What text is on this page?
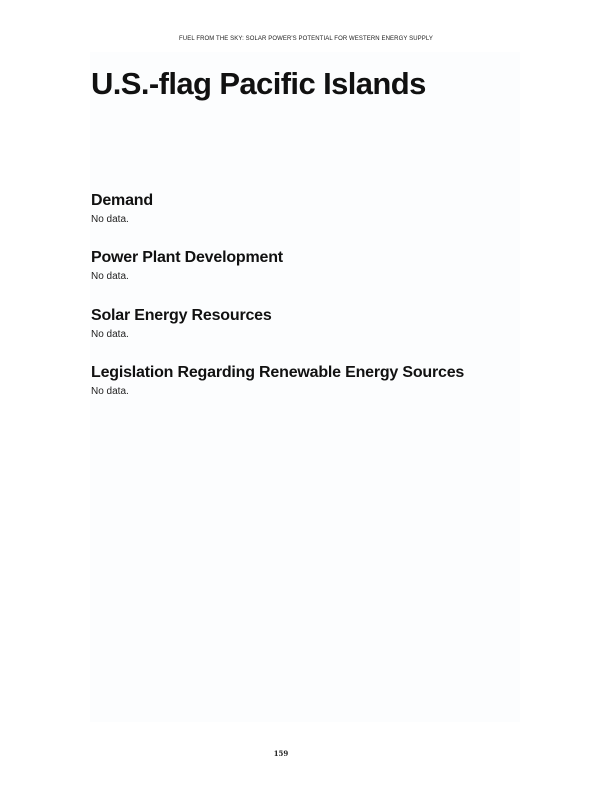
FUEL FROM THE SKY: SOLAR POWER'S POTENTIAL FOR WESTERN ENERGY SUPPLY
U.S.-flag Pacific Islands
Demand

No data.

Power Plant Development

No data.

Solar Energy Resources

No data.

Legislation Regarding Renewable Energy Sources

No data.

159
